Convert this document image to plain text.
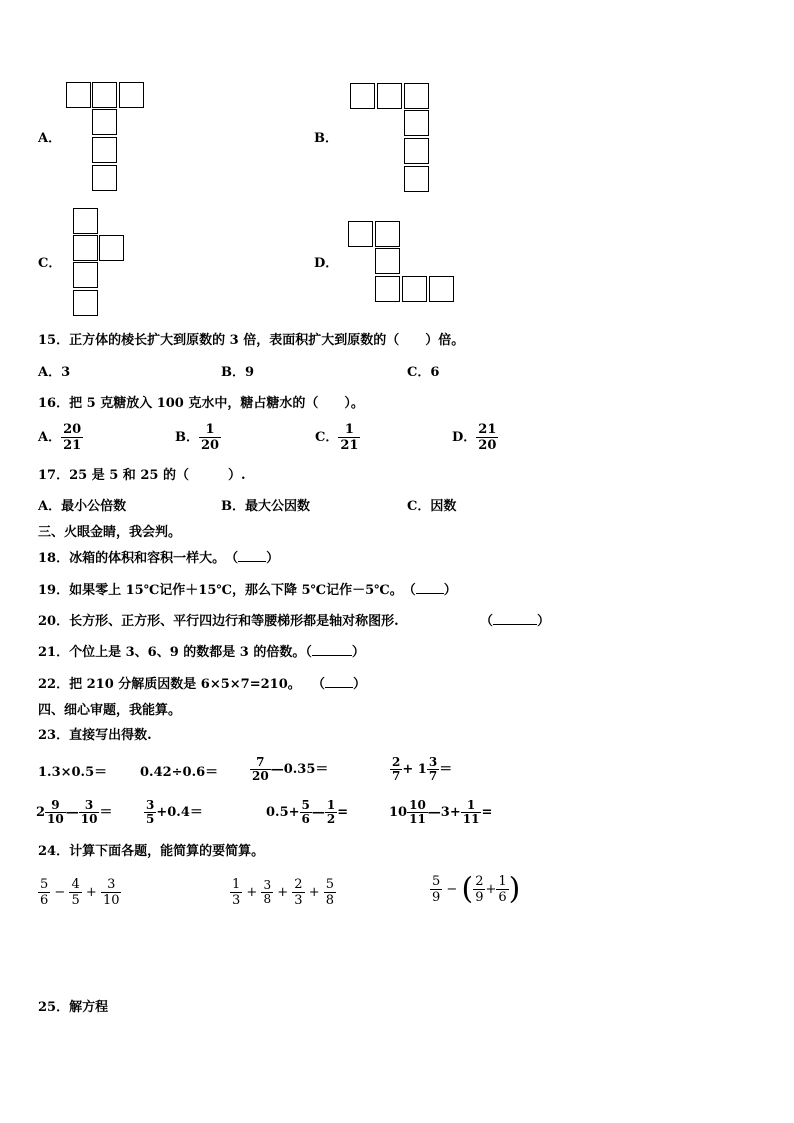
A．	B．
C．	D．
15．正方体的棱长扩大到原数的 3 倍，表面积扩大到原数的（　　）倍。
A．3	B．9	C．6
16．把 5 克糖放入 100 克水中，糖占糖水的（　　）。
A． $\frac{20}{21}$	B． $\frac{1}{20}$	C． $\frac{1}{21}$	D． $\frac{21}{20}$
17．25 是 5 和 25 的（　　　）.
A．最小公倍数	B．最大公因数	C．因数
三、火眼金睛，我会判。
18．冰箱的体积和容积一样大。　（ ）
19．如果零上 15℃记作＋15℃，那么下降 5℃记作－5℃。　（ ）
20．长方形、正方形、平行四边行和等腰梯形都是轴对称图形.	（	）
21．个位上是 3、6、9 的数都是 3 的倍数。（	）
22．把 210 分解质因数是 6×5×7=210。 （ ）
四、细心审题，我能算。
23．直接写出得数.
1.3×0.5＝	0.42÷0.6＝	$\frac{7}{20}$ —0.35＝	$\frac{2}{7} + 1 \frac{3}{7}$ ＝
$2 \frac{9}{10}$ — $\frac{3}{10}$ ＝	$\frac{3}{5} +0.4=$	$0.5+ \frac{5}{6}$ — $\frac{1}{2}$ =	$10 \frac{10}{11}$ —3+ $\frac{1}{11}$ =
24．计算下面各题，能简算的要简算。
$\frac{5}{6} - \frac{4}{5} + \frac{3}{10}$	$\frac{1}{3} + \frac{3}{8} + \frac{2}{3} + \frac{5}{8}$	$\frac{5}{9}$ − ( $\frac{2}{9} + \frac{1}{6}$ )
25．解方程
